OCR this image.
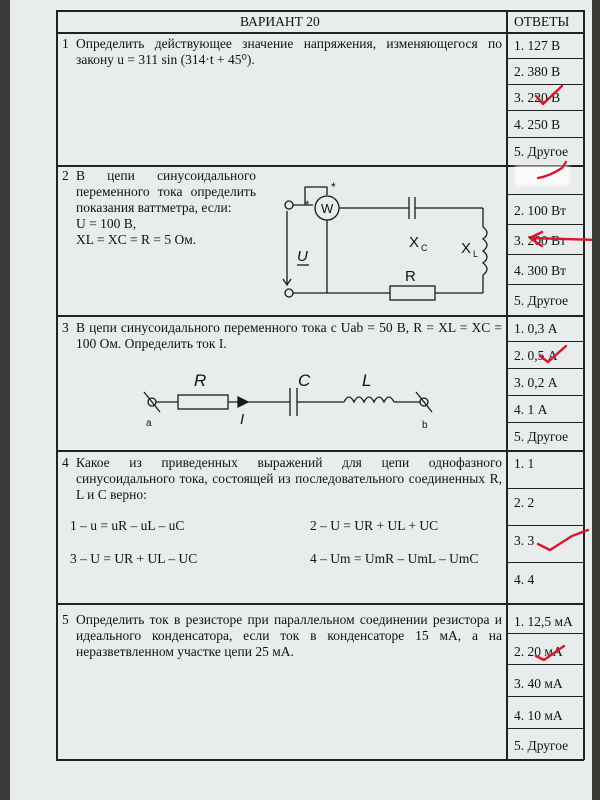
ВАРИАНТ 20	ОТВЕТЫ
1 Определить действующее значение напряжения, изменяющегося по закону u = 311 sin (314·t + 45⁰).
1. 127 В
2. 380 В
3. 220 В
4. 250 В
5. Другое
2 В цепи синусоидального переменного тока определить показания ваттметра, если:
U = 100 В,
XL = XC = R = 5 Ом.
2. 100 Вт
3. 200 Вт
4. 300 Вт
5. Другое
W
*
*
U
X C X L
R
3 В цепи синусоидального переменного тока с Uab = 50 В, R = XL = XC = 100 Ом. Определить ток I.
1. 0,3 А
2. 0,5 А
3. 0,2 А
4. 1 А
5. Другое
a
R
I
C	L
b
4 Какое из приведенных выражений для цепи однофазного синусоидального тока, состоящей из последовательного соединенных R, L и C верно:
1 – u = uR – uL – uC	2 – U = UR + UL + UC
3 – U = UR + UL – UC	4 – Um = UmR – UmL – UmC
1. 1
2. 2
3. 3
4. 4
5 Определить ток в резисторе при параллельном соединении резистора и идеального конденсатора, если ток в конденсаторе 15 мА, а на неразветвленном участке цепи 25 мА.
1. 12,5 мА
2. 20 мА
3. 40 мА
4. 10 мА
5. Другое
